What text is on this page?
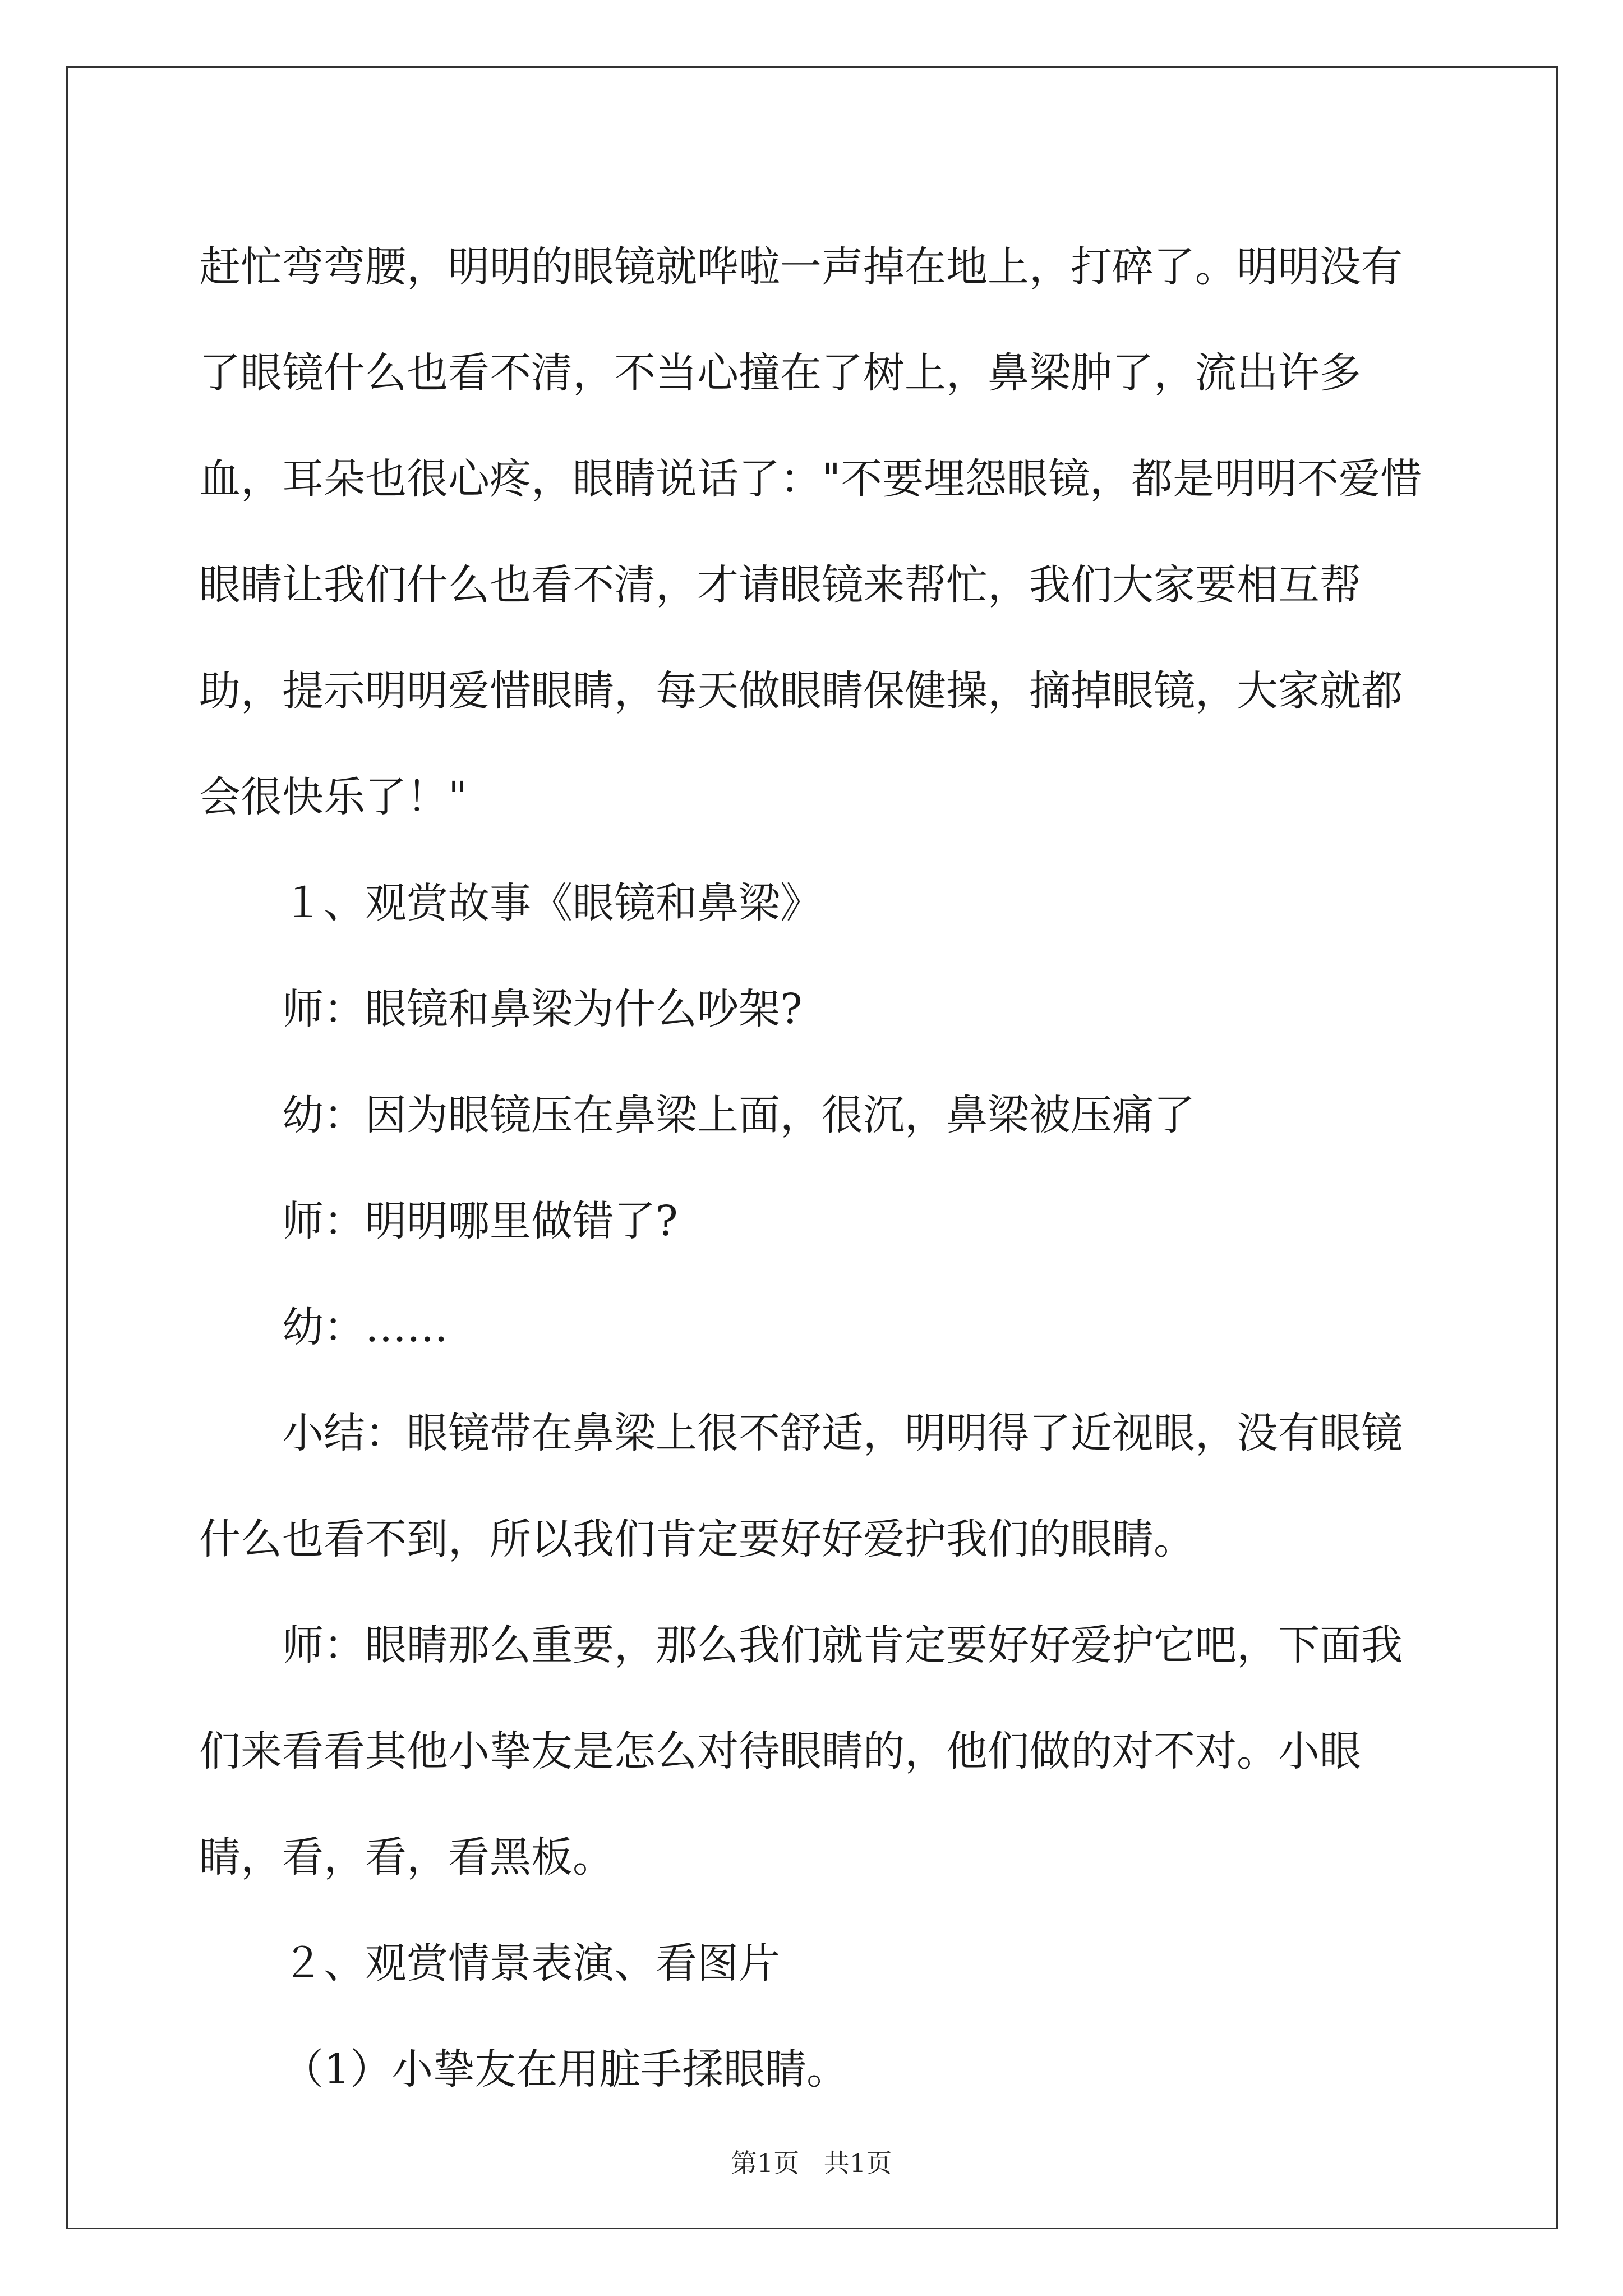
赶忙弯弯腰，明明的眼镜就哗啦一声掉在地上，打碎了。明明没有了眼镜什么也看不清，不当心撞在了树上，鼻梁肿了，流出许多血，耳朵也很心疼，眼睛说话了："不要埋怨眼镜，都是明明不爱惜眼睛让我们什么也看不清，才请眼镜来帮忙，我们大家要相互帮助，提示明明爱惜眼睛，每天做眼睛保健操，摘掉眼镜，大家就都会很快乐了！"

１、观赏故事《眼镜和鼻梁》

师：眼镜和鼻梁为什么吵架?

幼：因为眼镜压在鼻梁上面，很沉，鼻梁被压痛了

师：明明哪里做错了?

幼：……

小结：眼镜带在鼻梁上很不舒适，明明得了近视眼，没有眼镜什么也看不到，所以我们肯定要好好爱护我们的眼睛。

师：眼睛那么重要，那么我们就肯定要好好爱护它吧，下面我们来看看其他小挚友是怎么对待眼睛的，他们做的对不对。小眼睛，看，看，看黑板。

２、观赏情景表演、看图片

（1）小挚友在用脏手揉眼睛。

第1页   共1页
